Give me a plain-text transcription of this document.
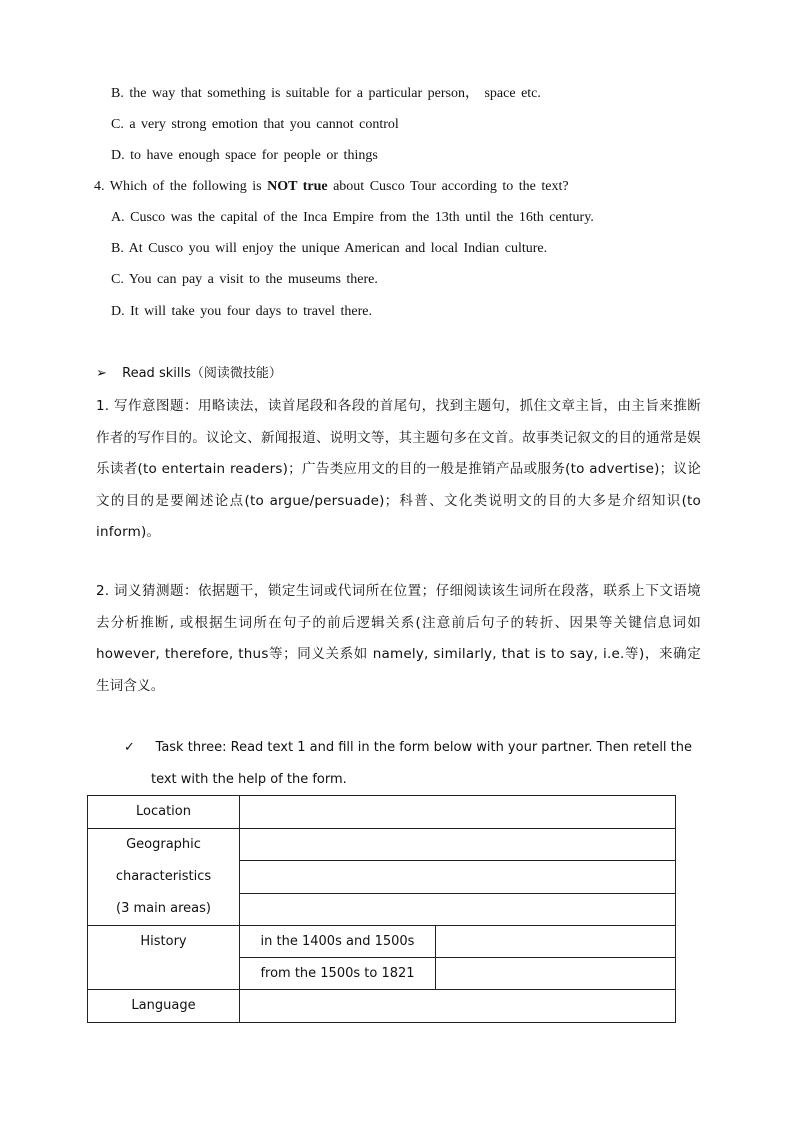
B. the way that something is suitable for a particular person， space etc.
C. a very strong emotion that you cannot control
D. to have enough space for people or things
4. Which of the following is NOT true about Cusco Tour according to the text?
A. Cusco was the capital of the Inca Empire from the 13th until the 16th century.
B. At Cusco you will enjoy the unique American and local Indian culture.
C. You can pay a visit to the museums there.
D. It will take you four days to travel there.
➢ Read skills（阅读微技能）
1. 写作意图题：用略读法，读首尾段和各段的首尾句，找到主题句，抓住文章主旨，由主旨来推断作者的写作目的。议论文、新闻报道、说明文等，其主题句多在文首。故事类记叙文的目的通常是娱乐读者(to entertain readers)；广告类应用文的目的一般是推销产品或服务(to advertise)；议论文的目的是要阐述论点(to argue/persuade)；科普、文化类说明文的目的大多是介绍知识(to inform)。
2. 词义猜测题：依据题干，锁定生词或代词所在位置；仔细阅读该生词所在段落，联系上下文语境去分析推断, 或根据生词所在句子的前后逻辑关系(注意前后句子的转折、因果等关键信息词如 however, therefore, thus等；同义关系如 namely, similarly, that is to say, i.e.等)，来确定生词含义。
✓ Task three: Read text 1 and fill in the form below with your partner. Then retell the
text with the help of the form.
Location		

Geographic
characteristics
(3 main areas)		

History	in the 1400s and 1500s	
	from the 1500s to 1821	
Language		
